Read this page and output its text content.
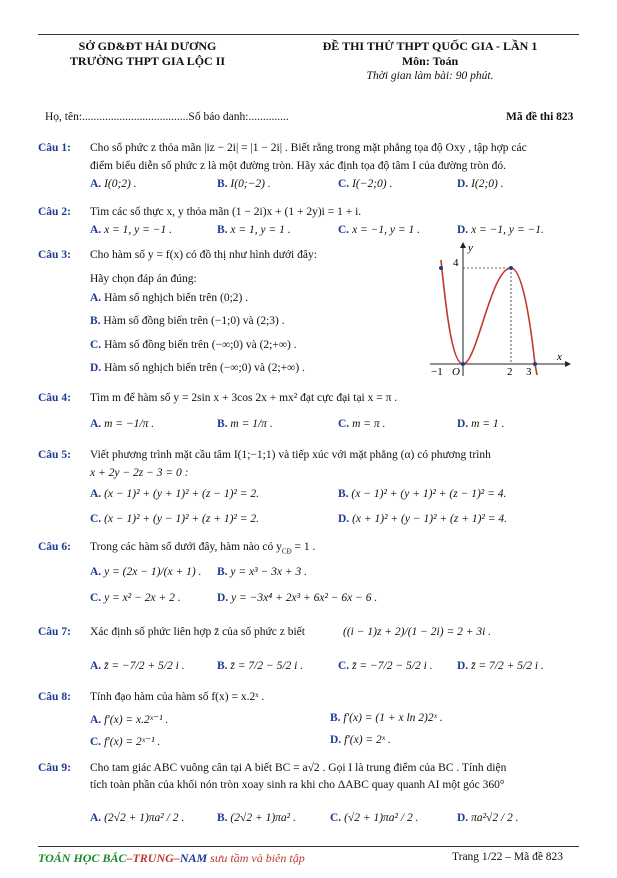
SỞ GD&ĐT HẢI DƯƠNG
TRƯỜNG THPT GIA LỘC II
ĐỀ THI THỬ THPT QUỐC GIA - LẦN 1
Môn: Toán
Thời gian làm bài: 90 phút.
Họ, tên:.....................................Số báo danh:..............	Mã đề thi 823
Câu 1: Cho số phức z thỏa mãn |iz − 2i| = |1 − 2i| . Biết rằng trong mặt phẳng tọa độ Oxy , tập hợp các
điểm biểu diễn số phức z là một đường tròn. Hãy xác định tọa độ tâm I của đường tròn đó.
A. I(0;2) .	B. I(0;−2) .	C. I(−2;0) .	D. I(2;0) .
Câu 2: Tìm các số thực x, y thỏa mãn (1 − 2i)x + (1 + 2y)i = 1 + i.
A. x = 1, y = −1 .	B. x = 1, y = 1 .	C. x = −1, y = 1 .	D. x = −1, y = −1.
Câu 3: Cho hàm số y = f(x) có đồ thị như hình dưới đây:
Hãy chọn đáp án đúng:
A. Hàm số nghịch biến trên (0;2) .
B. Hàm số đồng biến trên (−1;0) và (2;3) .
C. Hàm số đồng biến trên (−∞;0) và (2;+∞) .
D. Hàm số nghịch biến trên (−∞;0) và (2;+∞) .
y
x
4
−1 O	2 3
Câu 4: Tìm m để hàm số y = 2sin x + 3cos 2x + mx² đạt cực đại tại x = π .
A. m = −1/π .	B. m = 1/π .	C. m = π .	D. m = 1 .
Câu 5: Viết phương trình mặt cầu tâm I(1;−1;1) và tiếp xúc với mặt phẳng (α) có phương trình
x + 2y − 2z − 3 = 0 :
A. (x − 1)² + (y + 1)² + (z − 1)² = 2.	B. (x − 1)² + (y + 1)² + (z − 1)² = 4.
C. (x − 1)² + (y − 1)² + (z + 1)² = 2.	D. (x + 1)² + (y − 1)² + (z + 1)² = 4.
Câu 6: Trong các hàm số dưới đây, hàm nào có $y_{CĐ} = 1$ .
A. y = (2x − 1)/(x + 1) . B. y = x³ − 3x + 3 .
C. y = x² − 2x + 2 .	D. y = −3x⁴ + 2x³ + 6x² − 6x − 6 .
Câu 7: Xác định số phức liên hợp z̄ của số phức z biết	((i − 1)z + 2)/(1 − 2i) = 2 + 3i .
A. z̄ = −7/2 + 5/2 i .	B. z̄ = 7/2 − 5/2 i .	C. z̄ = −7/2 − 5/2 i . D. z̄ = 7/2 + 5/2 i .
Câu 8: Tính đạo hàm của hàm số f(x) = x.2ˣ .
A. f′(x) = x.2ˣ⁻¹ .	B. f′(x) = (1 + x ln 2)2ˣ .
C. f′(x) = 2ˣ⁻¹ .	D. f′(x) = 2ˣ .
Câu 9: Cho tam giác ABC vuông cân tại A biết BC = a√2 . Gọi I là trung điểm của BC . Tính diện
tích toàn phần của khối nón tròn xoay sinh ra khi cho ΔABC quay quanh AI một góc 360°
A. (2√2 + 1)πa² / 2 .	B. (2√2 + 1)πa² .	C. (√2 + 1)πa² / 2 .	D. πa²√2 / 2 .
TOÁN HỌC BẮC–TRUNG–NAM sưu tầm và biên tập	Trang 1/22 – Mã đề 823
